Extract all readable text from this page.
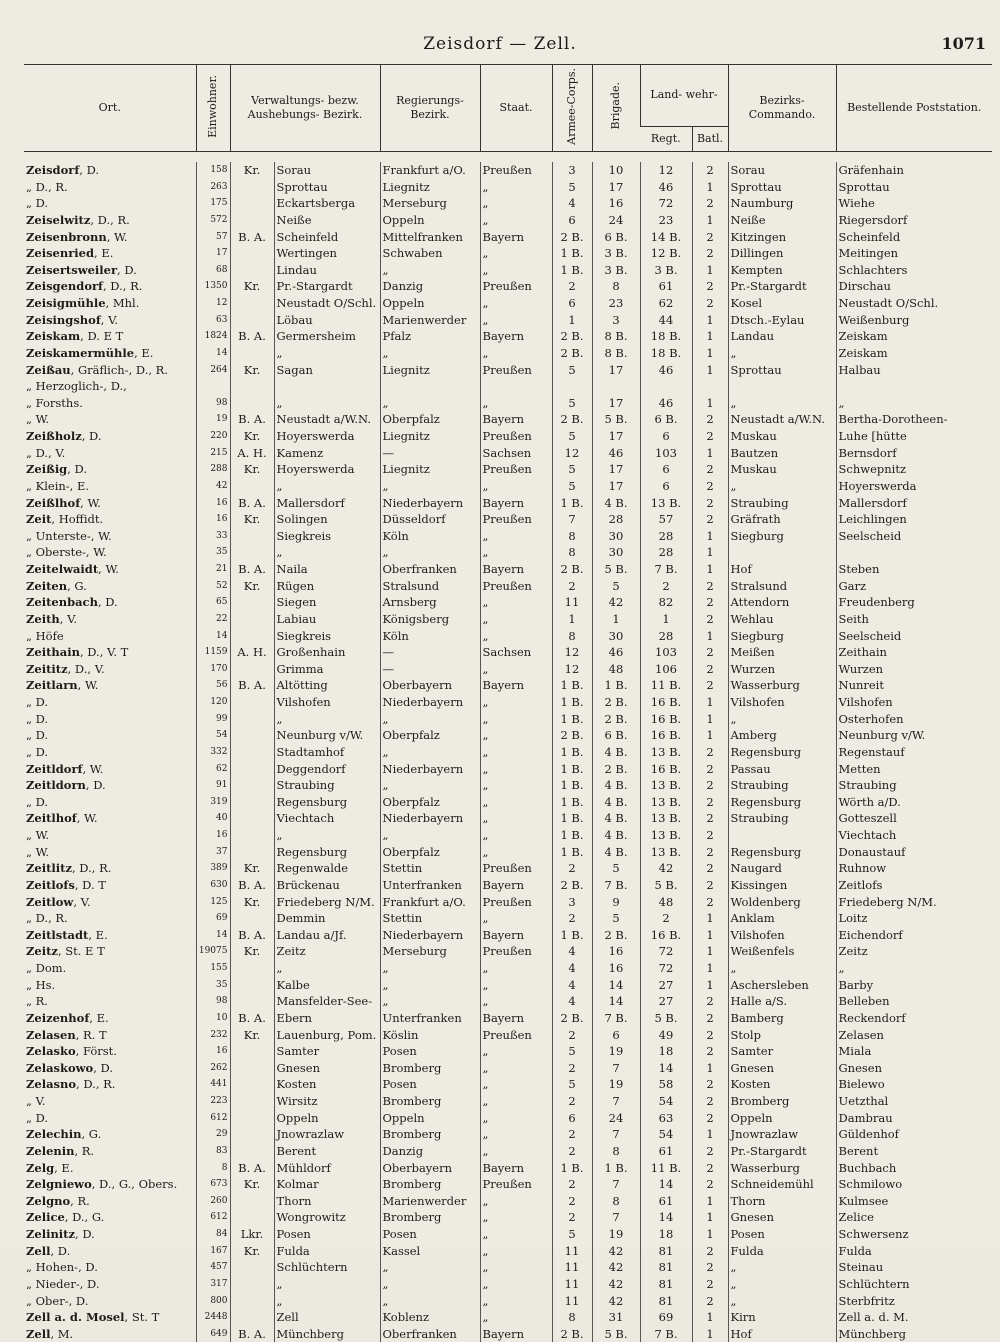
Zeisdorf — Zell.	1071
Ort.	Einwohner.	Verwaltungs- bezw. Aushebungs- Bezirk.		Regierungs- Bezirk.	Staat.	Armee-Corps.	Brigade.	Land- wehr-		Bezirks- Commando.	Bestellende Poststation.
								Regt.	Batl.		

Zeisdorf, D.	158	Kr.	Sorau	Frankfurt a/O.	Preußen	3	10	12	2	Sorau	Gräfenhain
„ D., R.	263		Sprottau	Liegnitz	„	5	17	46	1	Sprottau	Sprottau
„ D.	175		Eckartsberga	Merseburg	„	4	16	72	2	Naumburg	Wiehe
Zeiselwitz, D., R.	572		Neiße	Oppeln	„	6	24	23	1	Neiße	Riegersdorf
Zeisenbronn, W.	57	B. A.	Scheinfeld	Mittelfranken	Bayern	2 B.	6 B.	14 B.	2	Kitzingen	Scheinfeld
Zeisenried, E.	17		Wertingen	Schwaben	„	1 B.	3 B.	12 B.	2	Dillingen	Meitingen
Zeisertsweiler, D.	68		Lindau	„	„	1 B.	3 B.	3 B.	1	Kempten	Schlachters
Zeisgendorf, D., R.	1350	Kr.	Pr.-Stargardt	Danzig	Preußen	2	8	61	2	Pr.-Stargardt	Dirschau
Zeisigmühle, Mhl.	12		Neustadt O/Schl.	Oppeln	„	6	23	62	2	Kosel	Neustadt O/Schl.
Zeisingshof, V.	63		Löbau	Marienwerder	„	1	3	44	1	Dtsch.-Eylau	Weißenburg
Zeiskam, D. E T	1824	B. A.	Germersheim	Pfalz	Bayern	2 B.	8 B.	18 B.	1	Landau	Zeiskam
Zeiskamermühle, E.	14		„	„	„	2 B.	8 B.	18 B.	1	„	Zeiskam
Zeißau, Gräflich-, D., R.	264	Kr.	Sagan	Liegnitz	Preußen	5	17	46	1	Sprottau	Halbau
„ Herzoglich-, D.,											
„ Forsths.	98		„	„	„	5	17	46	1	„	„
„ W.	19	B. A.	Neustadt a/W.N.	Oberpfalz	Bayern	2 B.	5 B.	6 B.	2	Neustadt a/W.N.	Bertha-Dorotheen-
Zeißholz, D.	220	Kr.	Hoyerswerda	Liegnitz	Preußen	5	17	6	2	Muskau	Luhe [hütte
„ D., V.	215	A. H.	Kamenz	—	Sachsen	12	46	103	1	Bautzen	Bernsdorf
Zeißig, D.	288	Kr.	Hoyerswerda	Liegnitz	Preußen	5	17	6	2	Muskau	Schwepnitz
„ Klein-, E.	42		„	„	„	5	17	6	2	„	Hoyerswerda
Zeißlhof, W.	16	B. A.	Mallersdorf	Niederbayern	Bayern	1 B.	4 B.	13 B.	2	Straubing	Mallersdorf
Zeit, Hoffidt.	16	Kr.	Solingen	Düsseldorf	Preußen	7	28	57	2	Gräfrath	Leichlingen
„ Unterste-, W.	33		Siegkreis	Köln	„	8	30	28	1	Siegburg	Seelscheid
„ Oberste-, W.	35		„	„	„	8	30	28	1		
Zeitelwaidt, W.	21	B. A.	Naila	Oberfranken	Bayern	2 B.	5 B.	7 B.	1	Hof	Steben
Zeiten, G.	52	Kr.	Rügen	Stralsund	Preußen	2	5	2	2	Stralsund	Garz
Zeitenbach, D.	65		Siegen	Arnsberg	„	11	42	82	2	Attendorn	Freudenberg
Zeith, V.	22		Labiau	Königsberg	„	1	1	1	2	Wehlau	Seith
„ Höfe	14		Siegkreis	Köln	„	8	30	28	1	Siegburg	Seelscheid
Zeithain, D., V. T	1159	A. H.	Großenhain	—	Sachsen	12	46	103	2	Meißen	Zeithain
Zeititz, D., V.	170		Grimma	—	„	12	48	106	2	Wurzen	Wurzen
Zeitlarn, W.	56	B. A.	Altötting	Oberbayern	Bayern	1 B.	1 B.	11 B.	2	Wasserburg	Nunreit
„ D.	120		Vilshofen	Niederbayern	„	1 B.	2 B.	16 B.	1	Vilshofen	Vilshofen
„ D.	99		„	„	„	1 B.	2 B.	16 B.	1	„	Osterhofen
„ D.	54		Neunburg v/W.	Oberpfalz	„	2 B.	6 B.	16 B.	1	Amberg	Neunburg v/W.
„ D.	332		Stadtamhof	„	„	1 B.	4 B.	13 B.	2	Regensburg	Regenstauf
Zeitldorf, W.	62		Deggendorf	Niederbayern	„	1 B.	2 B.	16 B.	2	Passau	Metten
Zeitldorn, D.	91		Straubing	„	„	1 B.	4 B.	13 B.	2	Straubing	Straubing
„ D.	319		Regensburg	Oberpfalz	„	1 B.	4 B.	13 B.	2	Regensburg	Wörth a/D.
Zeitlhof, W.	40		Viechtach	Niederbayern	„	1 B.	4 B.	13 B.	2	Straubing	Gotteszell
„ W.	16		„	„	„	1 B.	4 B.	13 B.	2		Viechtach
„ W.	37		Regensburg	Oberpfalz	„	1 B.	4 B.	13 B.	2	Regensburg	Donaustauf
Zeitlitz, D., R.	389	Kr.	Regenwalde	Stettin	Preußen	2	5	42	2	Naugard	Ruhnow
Zeitlofs, D. T	630	B. A.	Brückenau	Unterfranken	Bayern	2 B.	7 B.	5 B.	2	Kissingen	Zeitlofs
Zeitlow, V.	125	Kr.	Friedeberg N/M.	Frankfurt a/O.	Preußen	3	9	48	2	Woldenberg	Friedeberg N/M.
„ D., R.	69		Demmin	Stettin	„	2	5	2	1	Anklam	Loitz
Zeitlstadt, E.	14	B. A.	Landau a/Jf.	Niederbayern	Bayern	1 B.	2 B.	16 B.	1	Vilshofen	Eichendorf
Zeitz, St. E T	19075	Kr.	Zeitz	Merseburg	Preußen	4	16	72	1	Weißenfels	Zeitz
„ Dom.	155		„	„	„	4	16	72	1	„	„
„ Hs.	35		Kalbe	„	„	4	14	27	1	Aschersleben	Barby
„ R.	98		Mansfelder-See-	„	„	4	14	27	2	Halle a/S.	Belleben
Zeizenhof, E.	10	B. A.	Ebern	Unterfranken	Bayern	2 B.	7 B.	5 B.	2	Bamberg	Reckendorf
Zelasen, R. T	232	Kr.	Lauenburg, Pom.	Köslin	Preußen	2	6	49	2	Stolp	Zelasen
Zelasko, Först.	16		Samter	Posen	„	5	19	18	2	Samter	Miala
Zelaskowo, D.	262		Gnesen	Bromberg	„	2	7	14	1	Gnesen	Gnesen
Zelasno, D., R.	441		Kosten	Posen	„	5	19	58	2	Kosten	Bielewo
„ V.	223		Wirsitz	Bromberg	„	2	7	54	2	Bromberg	Uetzthal
„ D.	612		Oppeln	Oppeln	„	6	24	63	2	Oppeln	Dambrau
Zelechin, G.	29		Jnowrazlaw	Bromberg	„	2	7	54	1	Jnowrazlaw	Güldenhof
Zelenin, R.	83		Berent	Danzig	„	2	8	61	2	Pr.-Stargardt	Berent
Zelg, E.	8	B. A.	Mühldorf	Oberbayern	Bayern	1 B.	1 B.	11 B.	2	Wasserburg	Buchbach
Zelgniewo, D., G., Obers.	673	Kr.	Kolmar	Bromberg	Preußen	2	7	14	2	Schneidemühl	Schmilowo
Zelgno, R.	260		Thorn	Marienwerder	„	2	8	61	1	Thorn	Kulmsee
Zelice, D., G.	612		Wongrowitz	Bromberg	„	2	7	14	1	Gnesen	Zelice
Zelinitz, D.	84	Lkr.	Posen	Posen	„	5	19	18	1	Posen	Schwersenz
Zell, D.	167	Kr.	Fulda	Kassel	„	11	42	81	2	Fulda	Fulda
„ Hohen-, D.	457		Schlüchtern	„	„	11	42	81	2	„	Steinau
„ Nieder-, D.	317		„	„	„	11	42	81	2	„	Schlüchtern
„ Ober-, D.	800		„	„	„	11	42	81	2	„	Sterbfritz
Zell a. d. Mosel, St. T	2448		Zell	Koblenz	„	8	31	69	1	Kirn	Zell a. d. M.
Zell, M.	649	B. A.	Münchberg	Oberfranken	Bayern	2 B.	5 B.	7 B.	1	Hof	Münchberg
